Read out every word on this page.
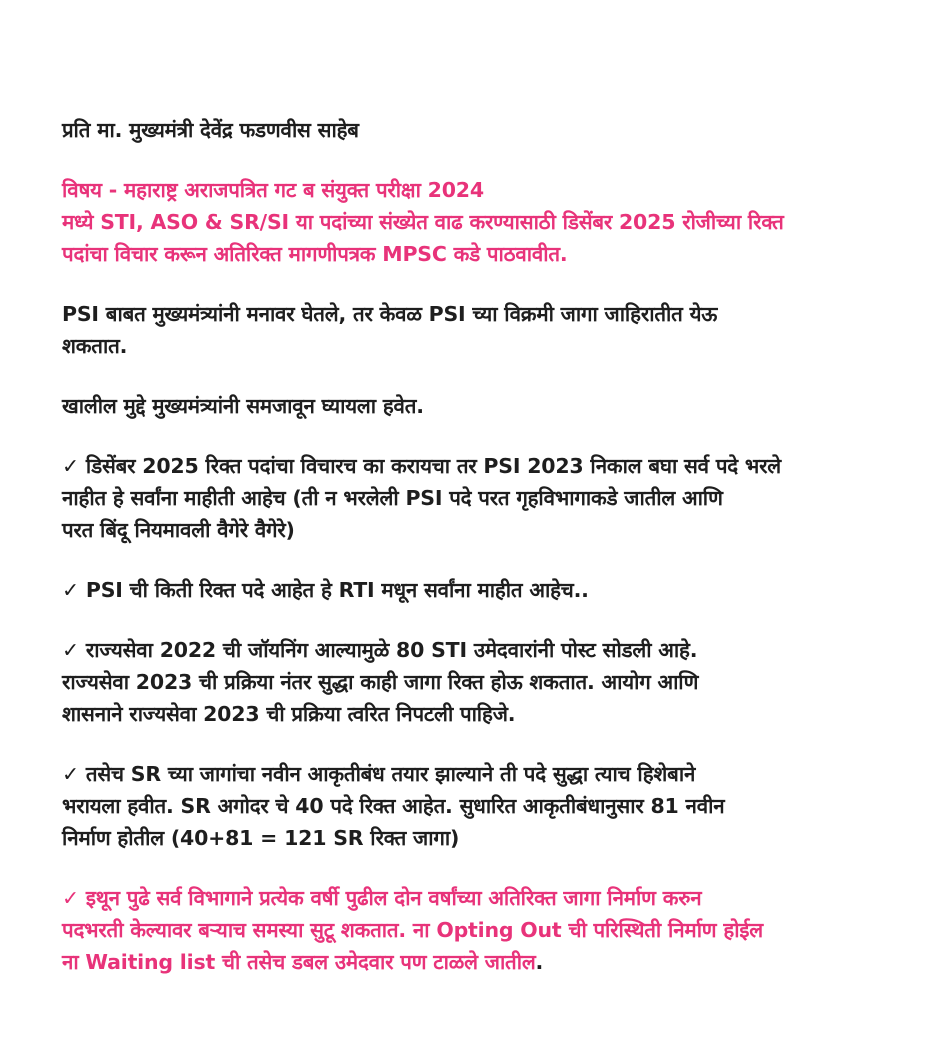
प्रति मा. मुख्यमंत्री देवेंद्र फडणवीस साहेब

विषय - महाराष्ट्र अराजपत्रित गट ब संयुक्त परीक्षा 2024
मध्ये STI, ASO & SR/SI या पदांच्या संख्येत वाढ करण्यासाठी डिसेंबर 2025 रोजीच्या रिक्त
पदांचा विचार करून अतिरिक्त मागणीपत्रक MPSC कडे पाठवावीत.

PSI बाबत मुख्यमंत्र्यांनी मनावर घेतले, तर केवळ PSI च्या विक्रमी जागा जाहिरातीत येऊ
शकतात.

खालील मुद्दे मुख्यमंत्र्यांनी समजावून घ्यायला हवेत.

✓ डिसेंबर 2025 रिक्त पदांचा विचारच का करायचा तर PSI 2023 निकाल बघा सर्व पदे भरले
नाहीत हे सर्वांना माहीती आहेच (ती न भरलेली PSI पदे परत गृहविभागाकडे जातील आणि
परत बिंदू नियमावली वैगेरे वैगेरे)

✓ PSI ची किती रिक्त पदे आहेत हे RTI मधून सर्वांना माहीत आहेच..

✓ राज्यसेवा 2022 ची जॉयनिंग आल्यामुळे 80 STI उमेदवारांनी पोस्ट सोडली आहे.
राज्यसेवा 2023 ची प्रक्रिया नंतर सुद्धा काही जागा रिक्त होऊ शकतात. आयोग आणि
शासनाने राज्यसेवा 2023 ची प्रक्रिया त्वरित निपटली पाहिजे.

✓ तसेच SR च्या जागांचा नवीन आकृतीबंध तयार झाल्याने ती पदे सुद्धा त्याच हिशेबाने
भरायला हवीत. SR अगोदर चे 40 पदे रिक्त आहेत. सुधारित आकृतीबंधानुसार 81 नवीन
निर्माण होतील (40+81 = 121 SR रिक्त जागा)

✓ इथून पुढे सर्व विभागाने प्रत्येक वर्षी पुढील दोन वर्षांच्या अतिरिक्त जागा निर्माण करुन
पदभरती केल्यावर बऱ्याच समस्या सुटू शकतात. ना Opting Out ची परिस्थिती निर्माण होईल
ना Waiting list ची तसेच डबल उमेदवार पण टाळले जातील.
